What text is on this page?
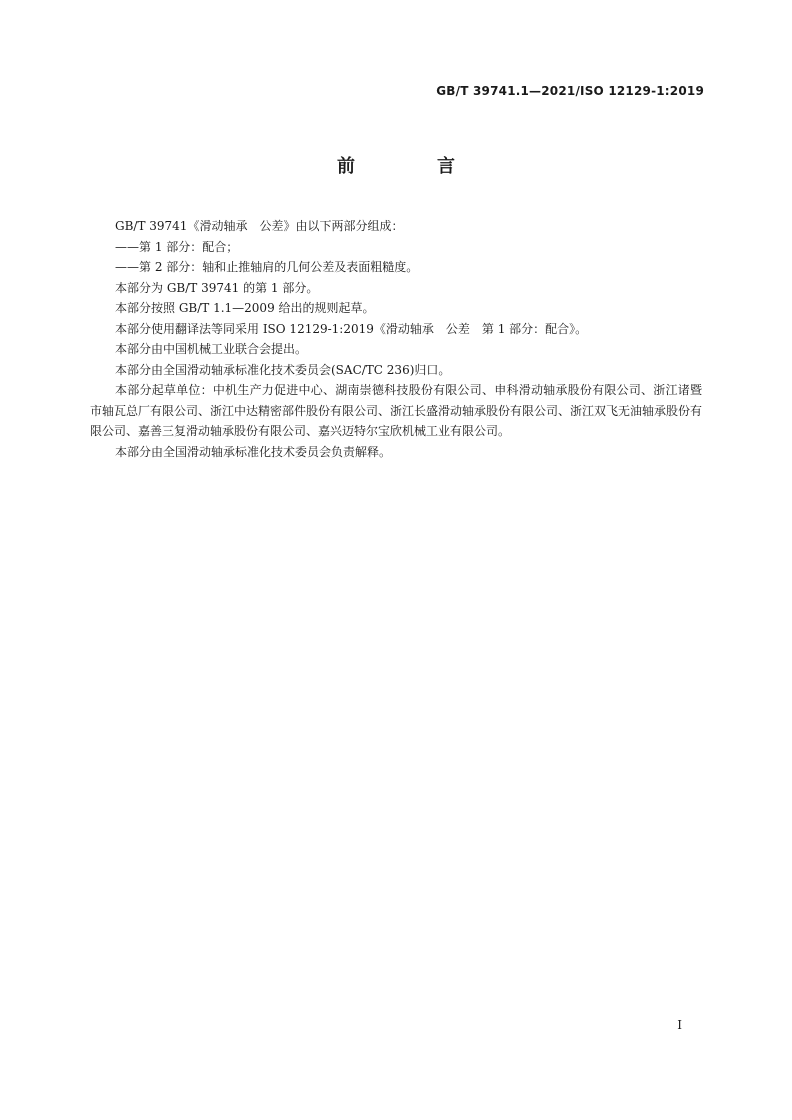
GB/T 39741.1—2021/ISO 12129-1:2019
前　言

GB/T 39741《滑动轴承　公差》由以下两部分组成：

——第 1 部分：配合；

——第 2 部分：轴和止推轴肩的几何公差及表面粗糙度。

本部分为 GB/T 39741 的第 1 部分。

本部分按照 GB/T 1.1—2009 给出的规则起草。

本部分使用翻译法等同采用 ISO 12129-1:2019《滑动轴承　公差　第 1 部分：配合》。

本部分由中国机械工业联合会提出。

本部分由全国滑动轴承标准化技术委员会(SAC/TC 236)归口。

本部分起草单位：中机生产力促进中心、湖南崇德科技股份有限公司、申科滑动轴承股份有限公司、浙江诸暨市轴瓦总厂有限公司、浙江中达精密部件股份有限公司、浙江长盛滑动轴承股份有限公司、浙江双飞无油轴承股份有限公司、嘉善三复滑动轴承股份有限公司、嘉兴迈特尔宝欣机械工业有限公司。

本部分由全国滑动轴承标准化技术委员会负责解释。

I
